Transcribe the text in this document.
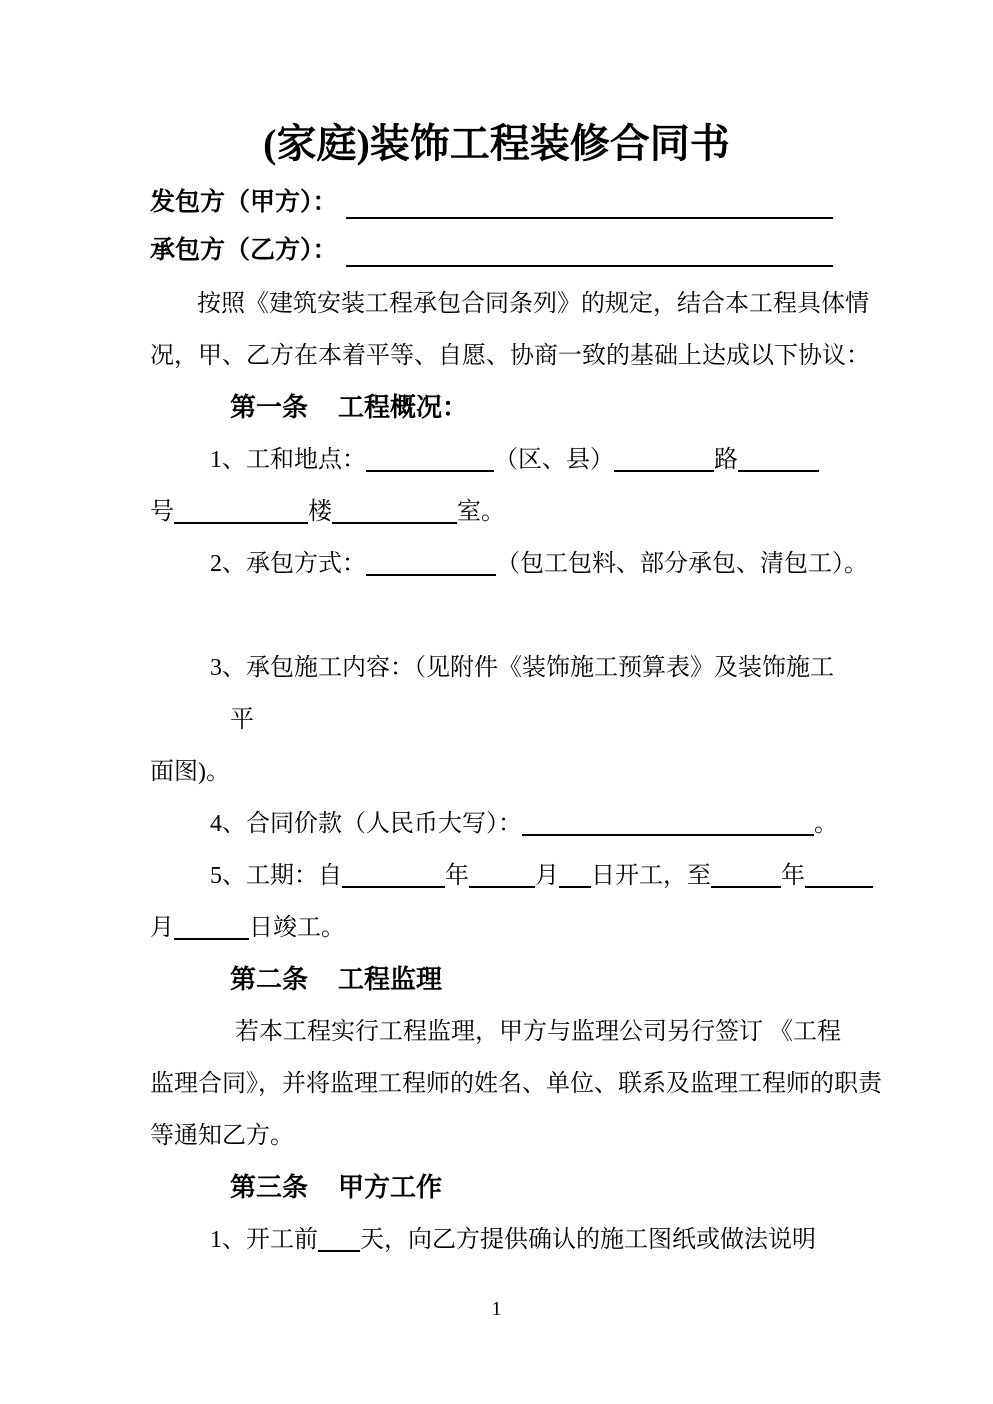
(家庭)装饰工程装修合同书
发包方（甲方）：
承包方（乙方）：
按照《建筑安装工程承包合同条列》的规定，结合本工程具体情
况，甲、乙方在本着平等、自愿、协商一致的基础上达成以下协议：
第一条 工程概况：
1、工和地点：	（区、县）	路
号	楼	室。
2、承包方式：	（包工包料、部分承包、清包工）。
3、承包施工内容：（见附件《装饰施工预算表》及装饰施工
平
面图)。
4、合同价款（人民币大写）：	。
5、工期：自	年	月 日开工，至	年
月	日竣工。
第二条 工程监理
若本工程实行工程监理，甲方与监理公司另行签订 《工程
监理合同》，并将监理工程师的姓名、单位、联系及监理工程师的职责
等通知乙方。
第三条 甲方工作
1、开工前 天，向乙方提供确认的施工图纸或做法说明
1
